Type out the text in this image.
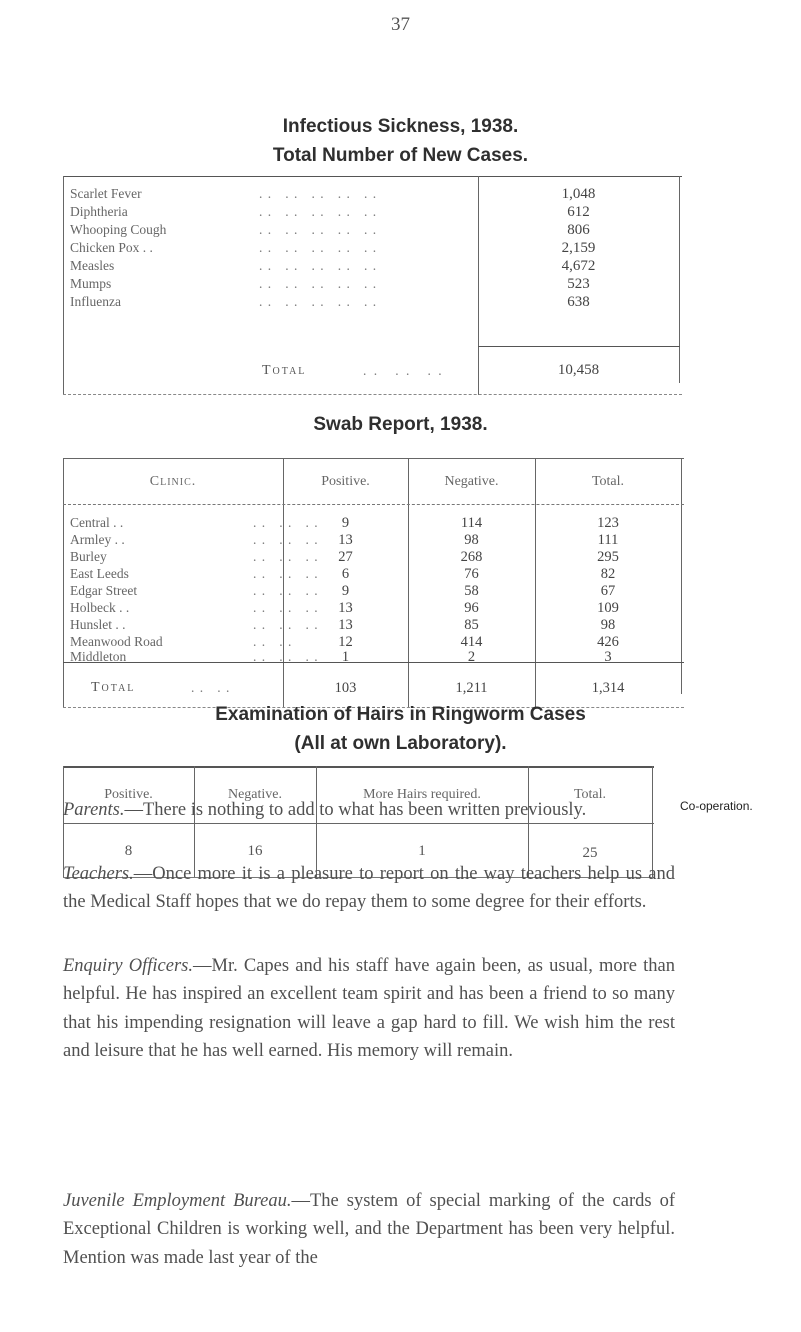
37
Infectious Sickness, 1938.
Total Number of New Cases.
Scarlet Fever	. .   . .   . .   . .   . .	1,048
Diphtheria	. .   . .   . .   . .   . .	612
Whooping Cough	. .   . .   . .   . .   . .	806
Chicken Pox . .	. .   . .   . .   . .   . .	2,159
Measles	. .   . .   . .   . .   . .	4,672
Mumps	. .   . .   . .   . .   . .	523
Influenza	. .   . .   . .   . .   . .	638
Total	. .   . .   . .	10,458
Swab Report, 1938.
Clinic.	Positive.	Negative.	Total.
Central . .	. .   . .   . .	9	114	123
Armley . .	. .   . .   . .	13	98	111
Burley	. .   . .   . .	27	268	295
East Leeds	. .   . .   . .	6	76	82
Edgar Street	. .   . .   . .	9	58	67
Holbeck . .	. .   . .   . .	13	96	109
Hunslet . .	. .   . .   . .	13	85	98
Meanwood Road	. .   . .	12	414	426
Middleton	. .   . .   . .	1	2	3
Total	. .   . .	103	1,211	1,314
Examination of Hairs in Ringworm Cases
(All at own Laboratory).
Positive.	Negative.	More Hairs required.	Total.
8	16	1	25
Parents.—There is nothing to add to what has been written previously.	Co-operation.
Teachers.—Once more it is a pleasure to report on the way teachers help us and the Medical Staff hopes that we do repay them to some degree for their efforts.
Enquiry Officers.—Mr. Capes and his staff have again been, as usual, more than helpful. He has inspired an excellent team spirit and has been a friend to so many that his impending resignation will leave a gap hard to fill. We wish him the rest and leisure that he has well earned. His memory will remain.
Juvenile Employment Bureau.—The system of special marking of the cards of Exceptional Children is working well, and the Department has been very helpful. Mention was made last year of the
